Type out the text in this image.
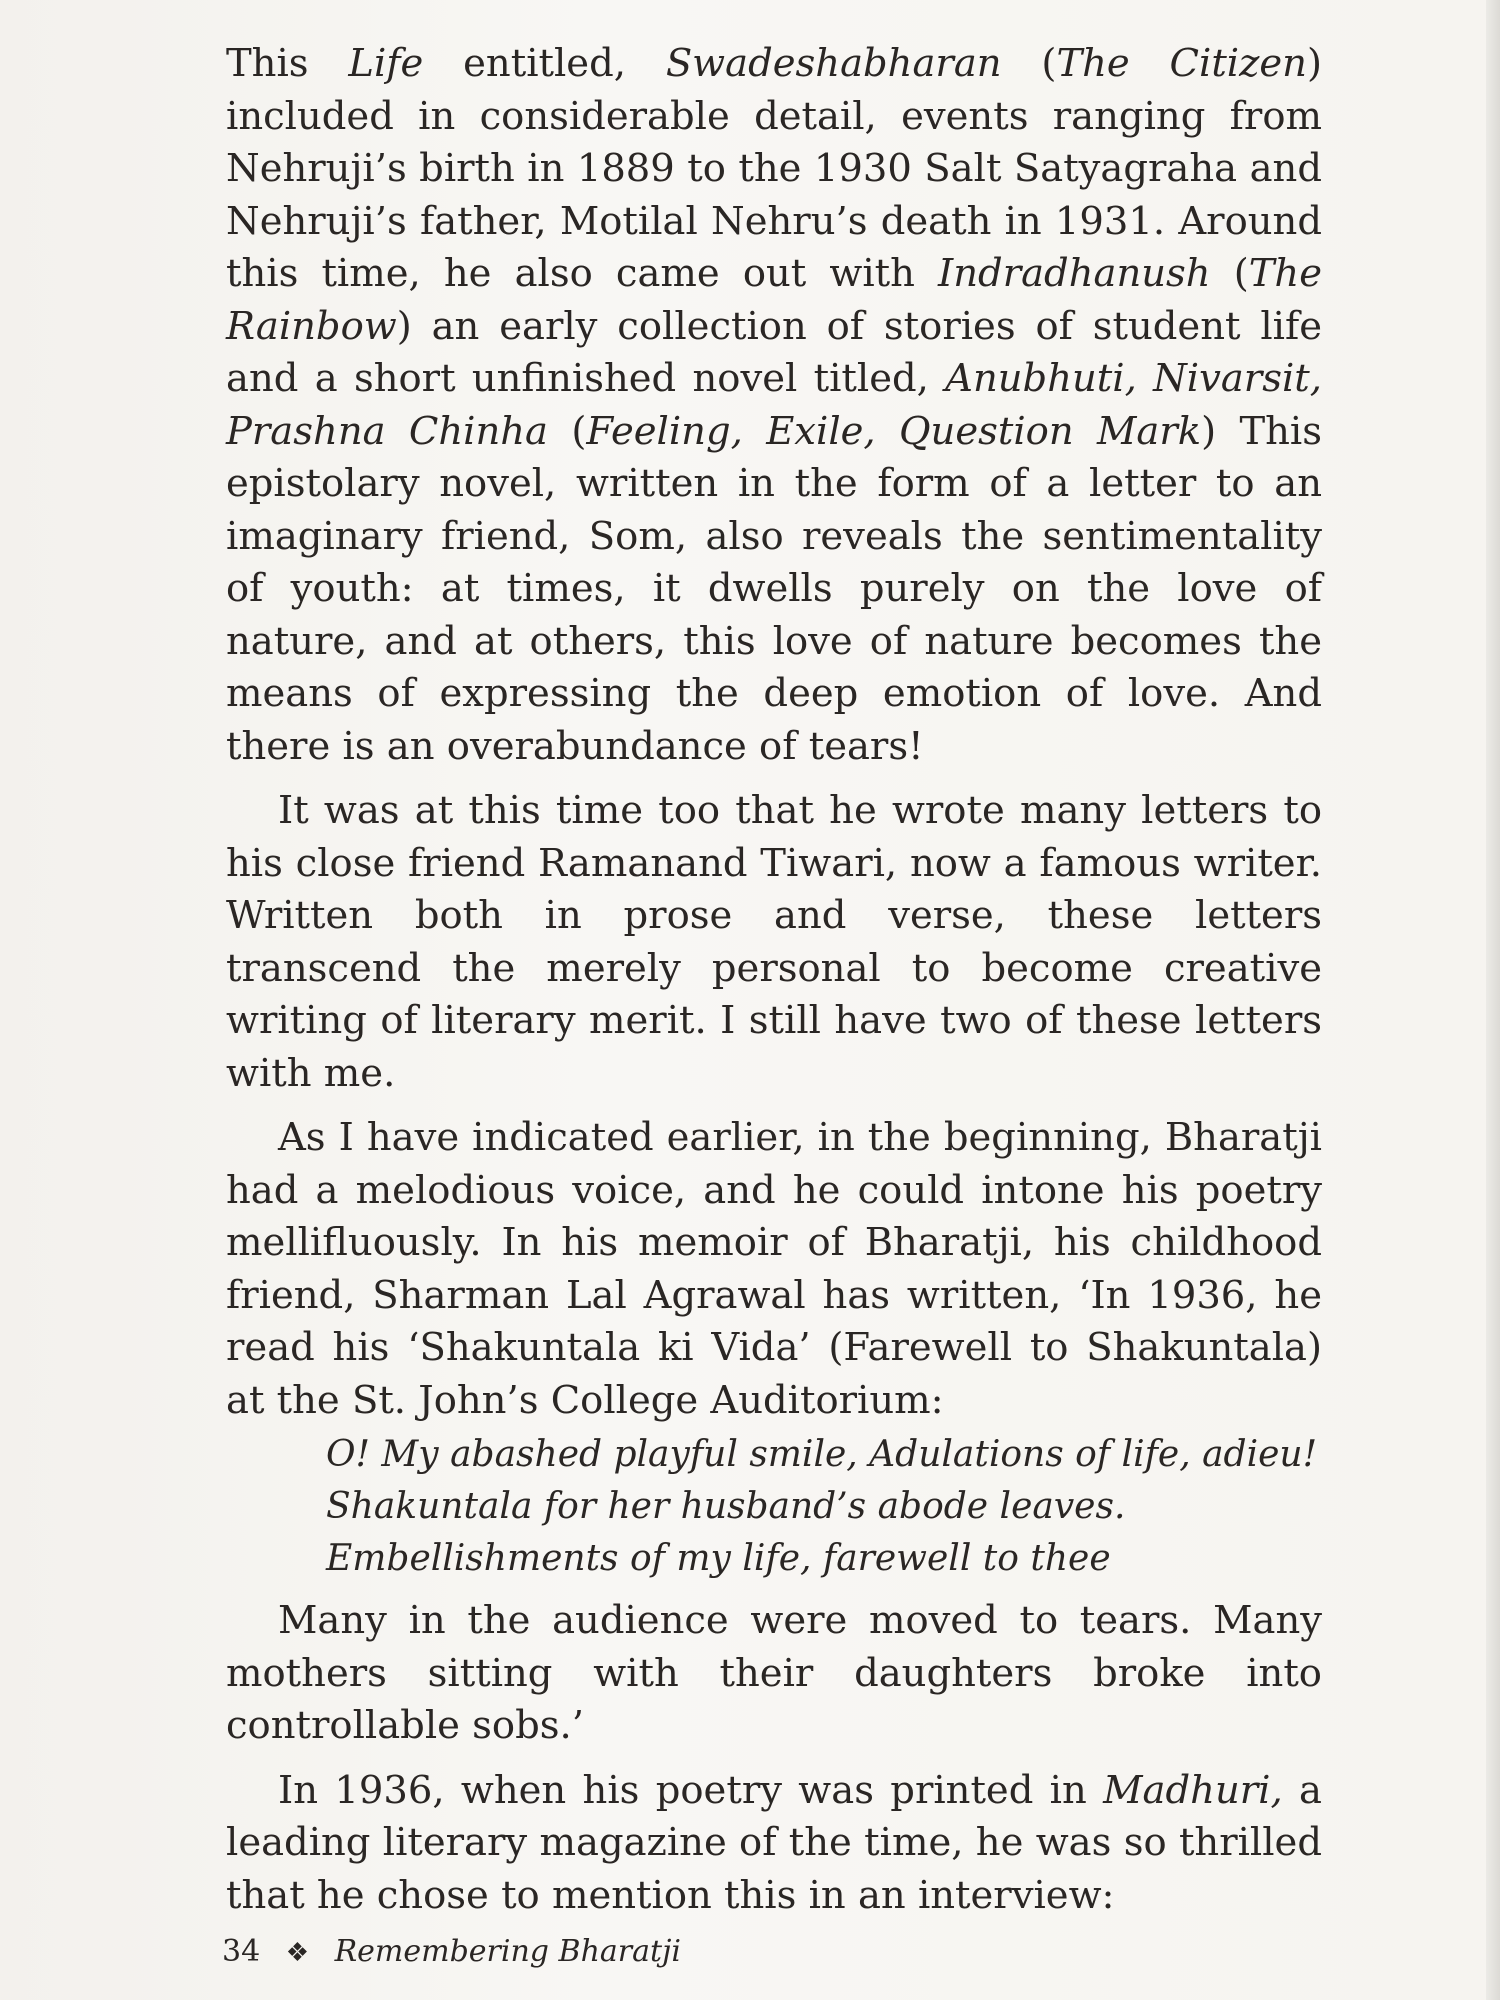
This Life entitled, Swadeshabharan (The Citizen) included in considerable detail, events ranging from Nehruji’s birth in 1889 to the 1930 Salt Satyagraha and Nehruji’s father, Motilal Nehru’s death in 1931. Around this time, he also came out with Indradhanush (The Rainbow) an early collection of stories of student life and a short unfinished novel titled, Anubhuti, Nivarsit, Prashna Chinha (Feeling, Exile, Question Mark) This epistolary novel, written in the form of a letter to an imaginary friend, Som, also reveals the sentimentality of youth: at times, it dwells purely on the love of nature, and at others, this love of nature becomes the means of expressing the deep emotion of love. And there is an overabundance of tears!

It was at this time too that he wrote many letters to his close friend Ramanand Tiwari, now a famous writer. Written both in prose and verse, these letters transcend the merely personal to become creative writing of literary merit. I still have two of these letters with me.

As I have indicated earlier, in the beginning, Bharatji had a melodious voice, and he could intone his poetry mellifluously. In his memoir of Bharatji, his childhood friend, Sharman Lal Agrawal has written, ‘In 1936, he read his ‘Shakuntala ki Vida’ (Farewell to Shakuntala) at the St. John’s College Auditorium:

O! My abashed playful smile, Adulations of life, adieu!
Shakuntala for her husband’s abode leaves.
Embellishments of my life, farewell to thee

Many in the audience were moved to tears. Many mothers sitting with their daughters broke into controllable sobs.’

In 1936, when his poetry was printed in Madhuri, a leading literary magazine of the time, he was so thrilled that he chose to mention this in an interview:

34 ❖ Remembering Bharatji
